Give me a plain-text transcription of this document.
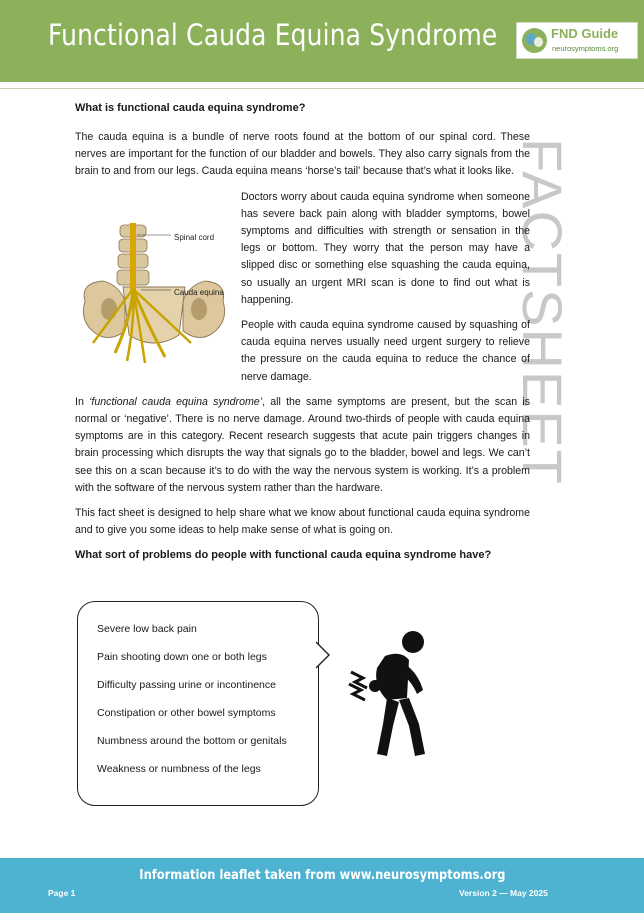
Functional Cauda Equina Syndrome	FND Guide
neurosymptoms.org
FACTSHEET
What is functional cauda equina syndrome?

The cauda equina is a bundle of nerve roots found at the bottom of our spinal cord. These nerves are important for the function of our bladder and bowels. They also carry signals from the brain to and from our legs. Cauda equina means ‘horse’s tail’ because that’s what it looks like.

Spinal cord
Cauda equina
Doctors worry about cauda equina syndrome when someone has severe back pain along with bladder symptoms, bowel symptoms and difficulties with strength or sensation in the legs or bottom. They worry that the person may have a slipped disc or something else squashing the cauda equina, so usually an urgent MRI scan is done to find out what is happening.

People with cauda equina syndrome caused by squashing of cauda equina nerves usually need urgent surgery to relieve the pressure on the cauda equina to reduce the chance of nerve damage.

In ‘functional cauda equina syndrome’, all the same symptoms are present, but the scan is normal or ‘negative’. There is no nerve damage. Around two-thirds of people with cauda equina symptoms are in this category. Recent research suggests that acute pain triggers changes in brain processing which disrupts the way that signals go to the bladder, bowel and legs. We can’t see this on a scan because it’s to do with the way the nervous system is working. It’s a problem with the software of the nervous system rather than the hardware.

This fact sheet is designed to help share what we know about functional cauda equina syndrome and to give you some ideas to help make sense of what is going on.

What sort of problems do people with functional cauda equina syndrome have?
Severe low back pain
Pain shooting down one or both legs
Difficulty passing urine or incontinence
Constipation or other bowel symptoms
Numbness around the bottom or genitals
Weakness or numbness of the legs
Information leaflet taken from www.neurosymptoms.org
Page 1	Version 2 — May 2025
